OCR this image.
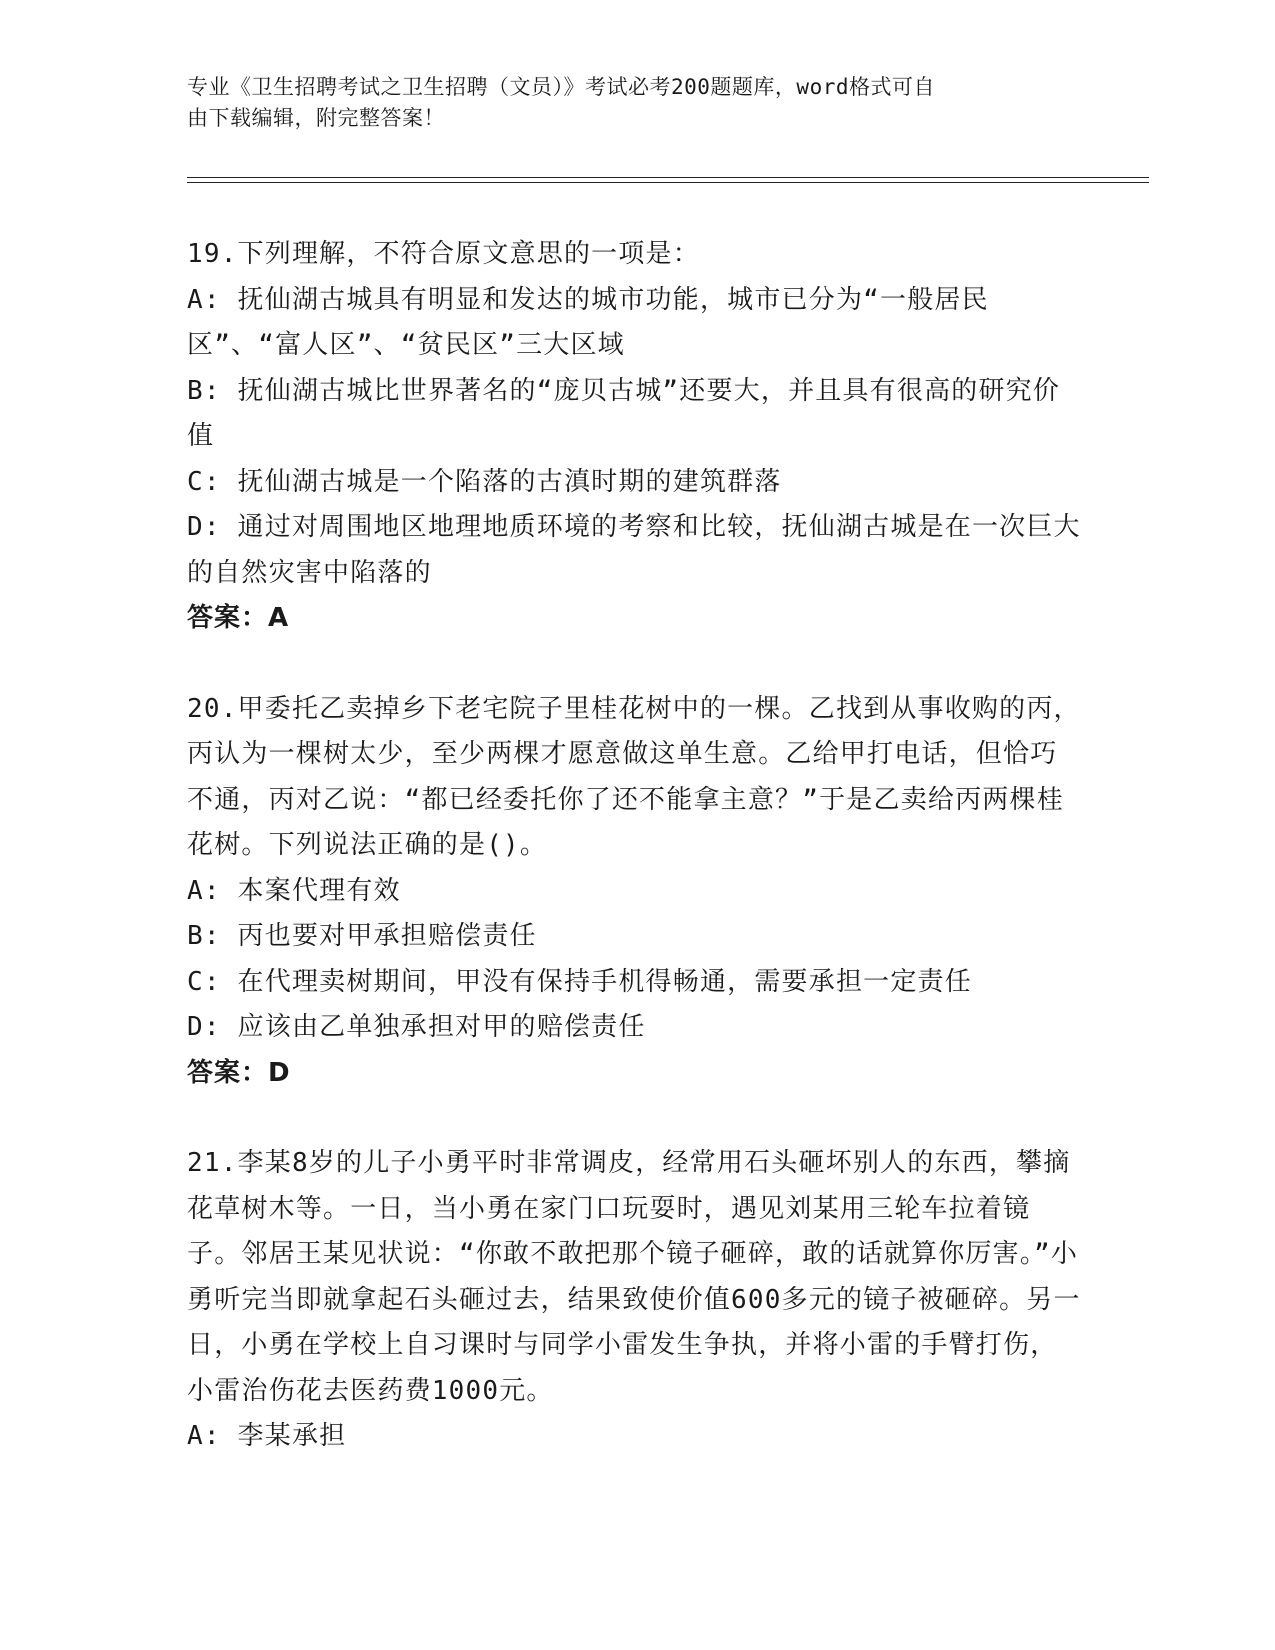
专业《卫生招聘考试之卫生招聘（文员）》考试必考200题题库，word格式可自
由下载编辑，附完整答案！
19.下列理解，不符合原文意思的一项是：
A: 抚仙湖古城具有明显和发达的城市功能，城市已分为“一般居民区”、“富人区”、“贫民区”三大区域
B: 抚仙湖古城比世界著名的“庞贝古城”还要大，并且具有很高的研究价值
C: 抚仙湖古城是一个陷落的古滇时期的建筑群落
D: 通过对周围地区地理地质环境的考察和比较，抚仙湖古城是在一次巨大的自然灾害中陷落的
答案：A
20.甲委托乙卖掉乡下老宅院子里桂花树中的一棵。乙找到从事收购的丙，丙认为一棵树太少，至少两棵才愿意做这单生意。乙给甲打电话，但恰巧不通，丙对乙说：“都已经委托你了还不能拿主意？”于是乙卖给丙两棵桂花树。下列说法正确的是()。
A: 本案代理有效
B: 丙也要对甲承担赔偿责任
C: 在代理卖树期间，甲没有保持手机得畅通，需要承担一定责任
D: 应该由乙单独承担对甲的赔偿责任
答案：D
21.李某8岁的儿子小勇平时非常调皮，经常用石头砸坏别人的东西，攀摘花草树木等。一日，当小勇在家门口玩耍时，遇见刘某用三轮车拉着镜子。邻居王某见状说：“你敢不敢把那个镜子砸碎，敢的话就算你厉害。”小勇听完当即就拿起石头砸过去，结果致使价值600多元的镜子被砸碎。另一日，小勇在学校上自习课时与同学小雷发生争执，并将小雷的手臂打伤，小雷治伤花去医药费1000元。
A: 李某承担
